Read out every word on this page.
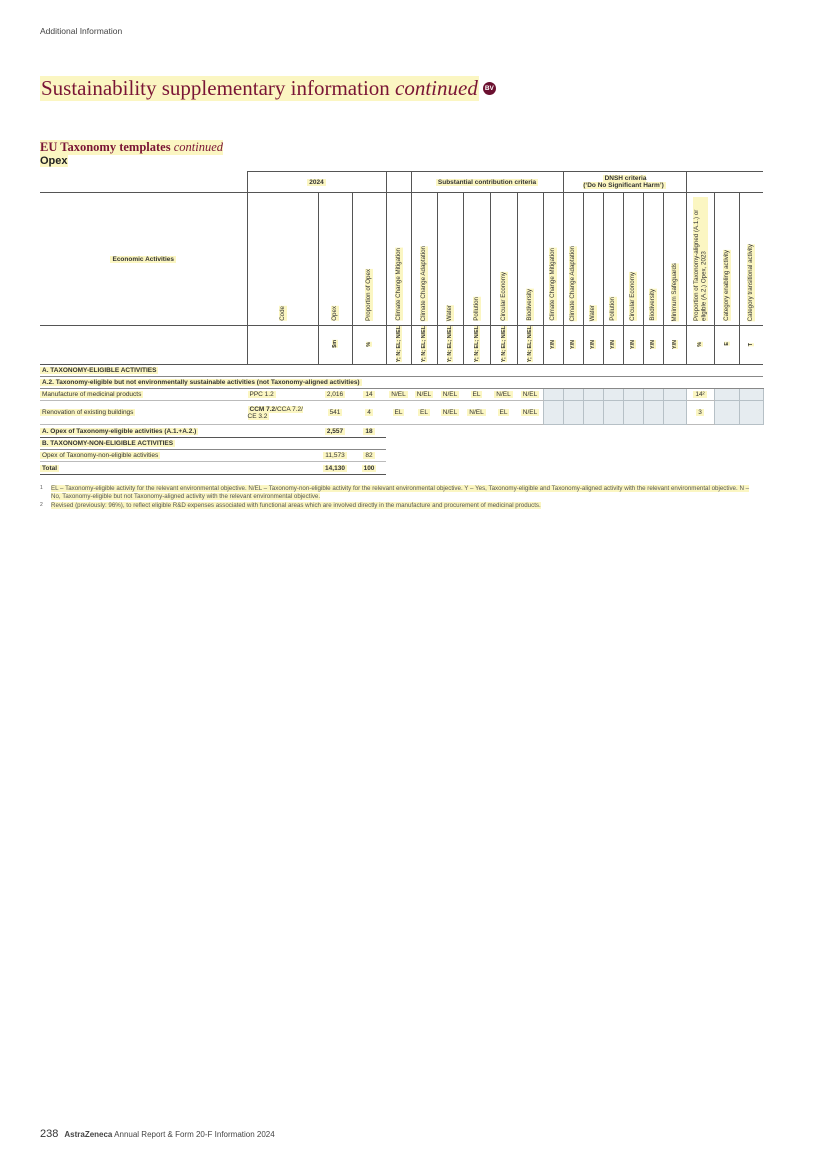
Additional Information
Sustainability supplementary information continued	BV
EU Taxonomy templates continued
Opex
	2024				Substantial contribution criteria						DNSH criteria
(‘Do No Significant Harm’)								
Economic Activities	Code	Opex	Proportion of Opex	Climate Change Mitigation	Climate Change Adaptation	Water	Pollution	Circular Economy	Biodiversity	Climate Change Mitigation	Climate Change Adaptation	Water	Pollution	Circular Economy	Biodiversity	Minimum Safeguards	Proportion of Taxonomy-aligned (A.1.) or eligible (A.2.) Opex, 2023	Category enabling activity	Category transitional activity

		$m	%	Y; N; EL; N/EL	Y; N; EL; N/EL	Y; N; EL; N/EL	Y; N; EL; N/EL	Y; N; EL; N/EL	Y; N; EL; N/EL	Y/N	Y/N	Y/N	Y/N	Y/N	Y/N	Y/N	%	E	T
A. TAXONOMY-ELIGIBLE ACTIVITIES																			
A.2. Taxonomy-eligible but not environmentally sustainable activities (not Taxonomy-aligned activities)																			
Manufacture of medicinal products	PPC 1.2	2,016	14	N/EL	N/EL	N/EL	EL	N/EL	N/EL								14²		
Renovation of existing buildings	CCM 7.2/CCA 7.2/
CE 3.2	541	4	EL	EL	N/EL	N/EL	EL	N/EL								3		
A. Opex of Taxonomy-eligible activities (A.1.+A.2.)		2,557	18																
B. TAXONOMY-NON-ELIGIBLE ACTIVITIES																			
Opex of Taxonomy-non-eligible activities		11,573	82																
Total		14,130	100																
1 EL – Taxonomy-eligible activity for the relevant environmental objective. N/EL – Taxonomy-non-eligible activity for the relevant environmental objective. Y – Yes, Taxonomy-eligible and Taxonomy-aligned activity with the relevant environmental objective. N – No, Taxonomy-eligible but not Taxonomy-aligned activity with the relevant environmental objective.
2 Revised (previously: 96%), to reflect eligible R&D expenses associated with functional areas which are involved directly in the manufacture and procurement of medicinal products.
238 AstraZeneca Annual Report & Form 20-F Information 2024
